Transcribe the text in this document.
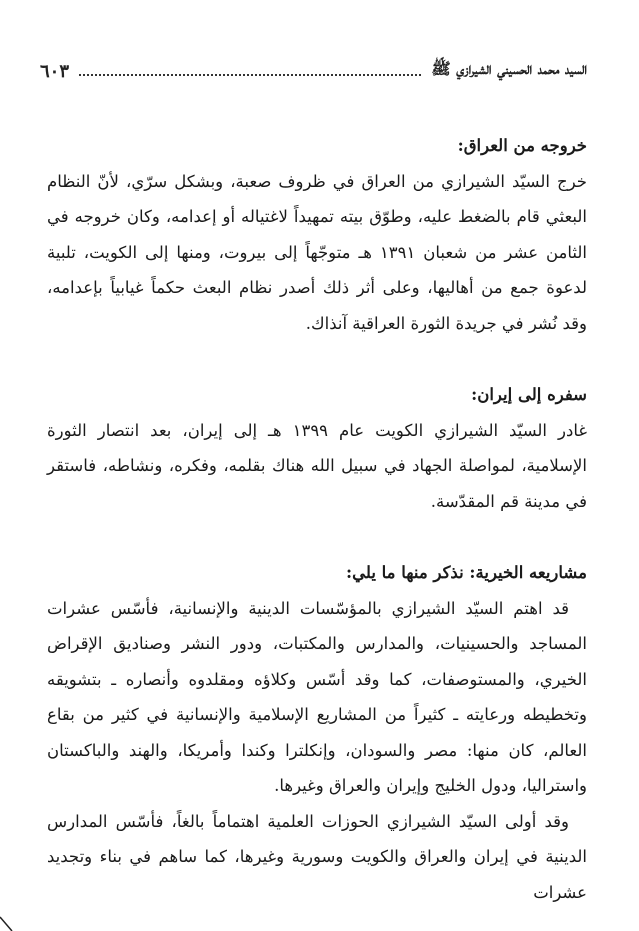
السيد محمد الحسيني الشيرازي ﷺ
٦٠٣

خروجه من العراق:

خرج السيّد الشيرازي من العراق في ظروف صعبة، وبشكل سرّي، لأنّ النظام البعثي قام بالضغط عليه، وطوّق بيته تمهيداً لاغتياله أو إعدامه، وكان خروجه في الثامن عشر من شعبان ١٣٩١ هـ متوجّهاً إلى بيروت، ومنها إلى الكويت، تلبية لدعوة جمع من أهاليها، وعلى أثر ذلك أصدر نظام البعث حكماً غيابياً بإعدامه، وقد نُشر في جريدة الثورة العراقية آنذاك.

سفره إلى إيران:

غادر السيّد الشيرازي الكويت عام ١٣٩٩ هـ إلى إيران، بعد انتصار الثورة الإسلامية، لمواصلة الجهاد في سبيل الله هناك بقلمه، وفكره، ونشاطه، فاستقر في مدينة قم المقدّسة.

مشاريعه الخيرية: نذكر منها ما يلي:

قد اهتم السيّد الشيرازي بالمؤسّسات الدينية والإنسانية، فأسّس عشرات المساجد والحسينيات، والمدارس والمكتبات، ودور النشر وصناديق الإقراض الخيري، والمستوصفات، كما وقد أسّس وكلاؤه ومقلدوه وأنصاره ـ بتشويقه وتخطيطه ورعايته ـ كثيراً من المشاريع الإسلامية والإنسانية في كثير من بقاع العالم، كان منها: مصر والسودان، وإنكلترا وكندا وأمريكا، والهند والباكستان واستراليا، ودول الخليج وإيران والعراق وغيرها.

وقد أولى السيّد الشيرازي الحوزات العلمية اهتماماً بالغاً، فأسّس المدارس الدينية في إيران والعراق والكويت وسورية وغيرها، كما ساهم في بناء وتجديد عشرات
